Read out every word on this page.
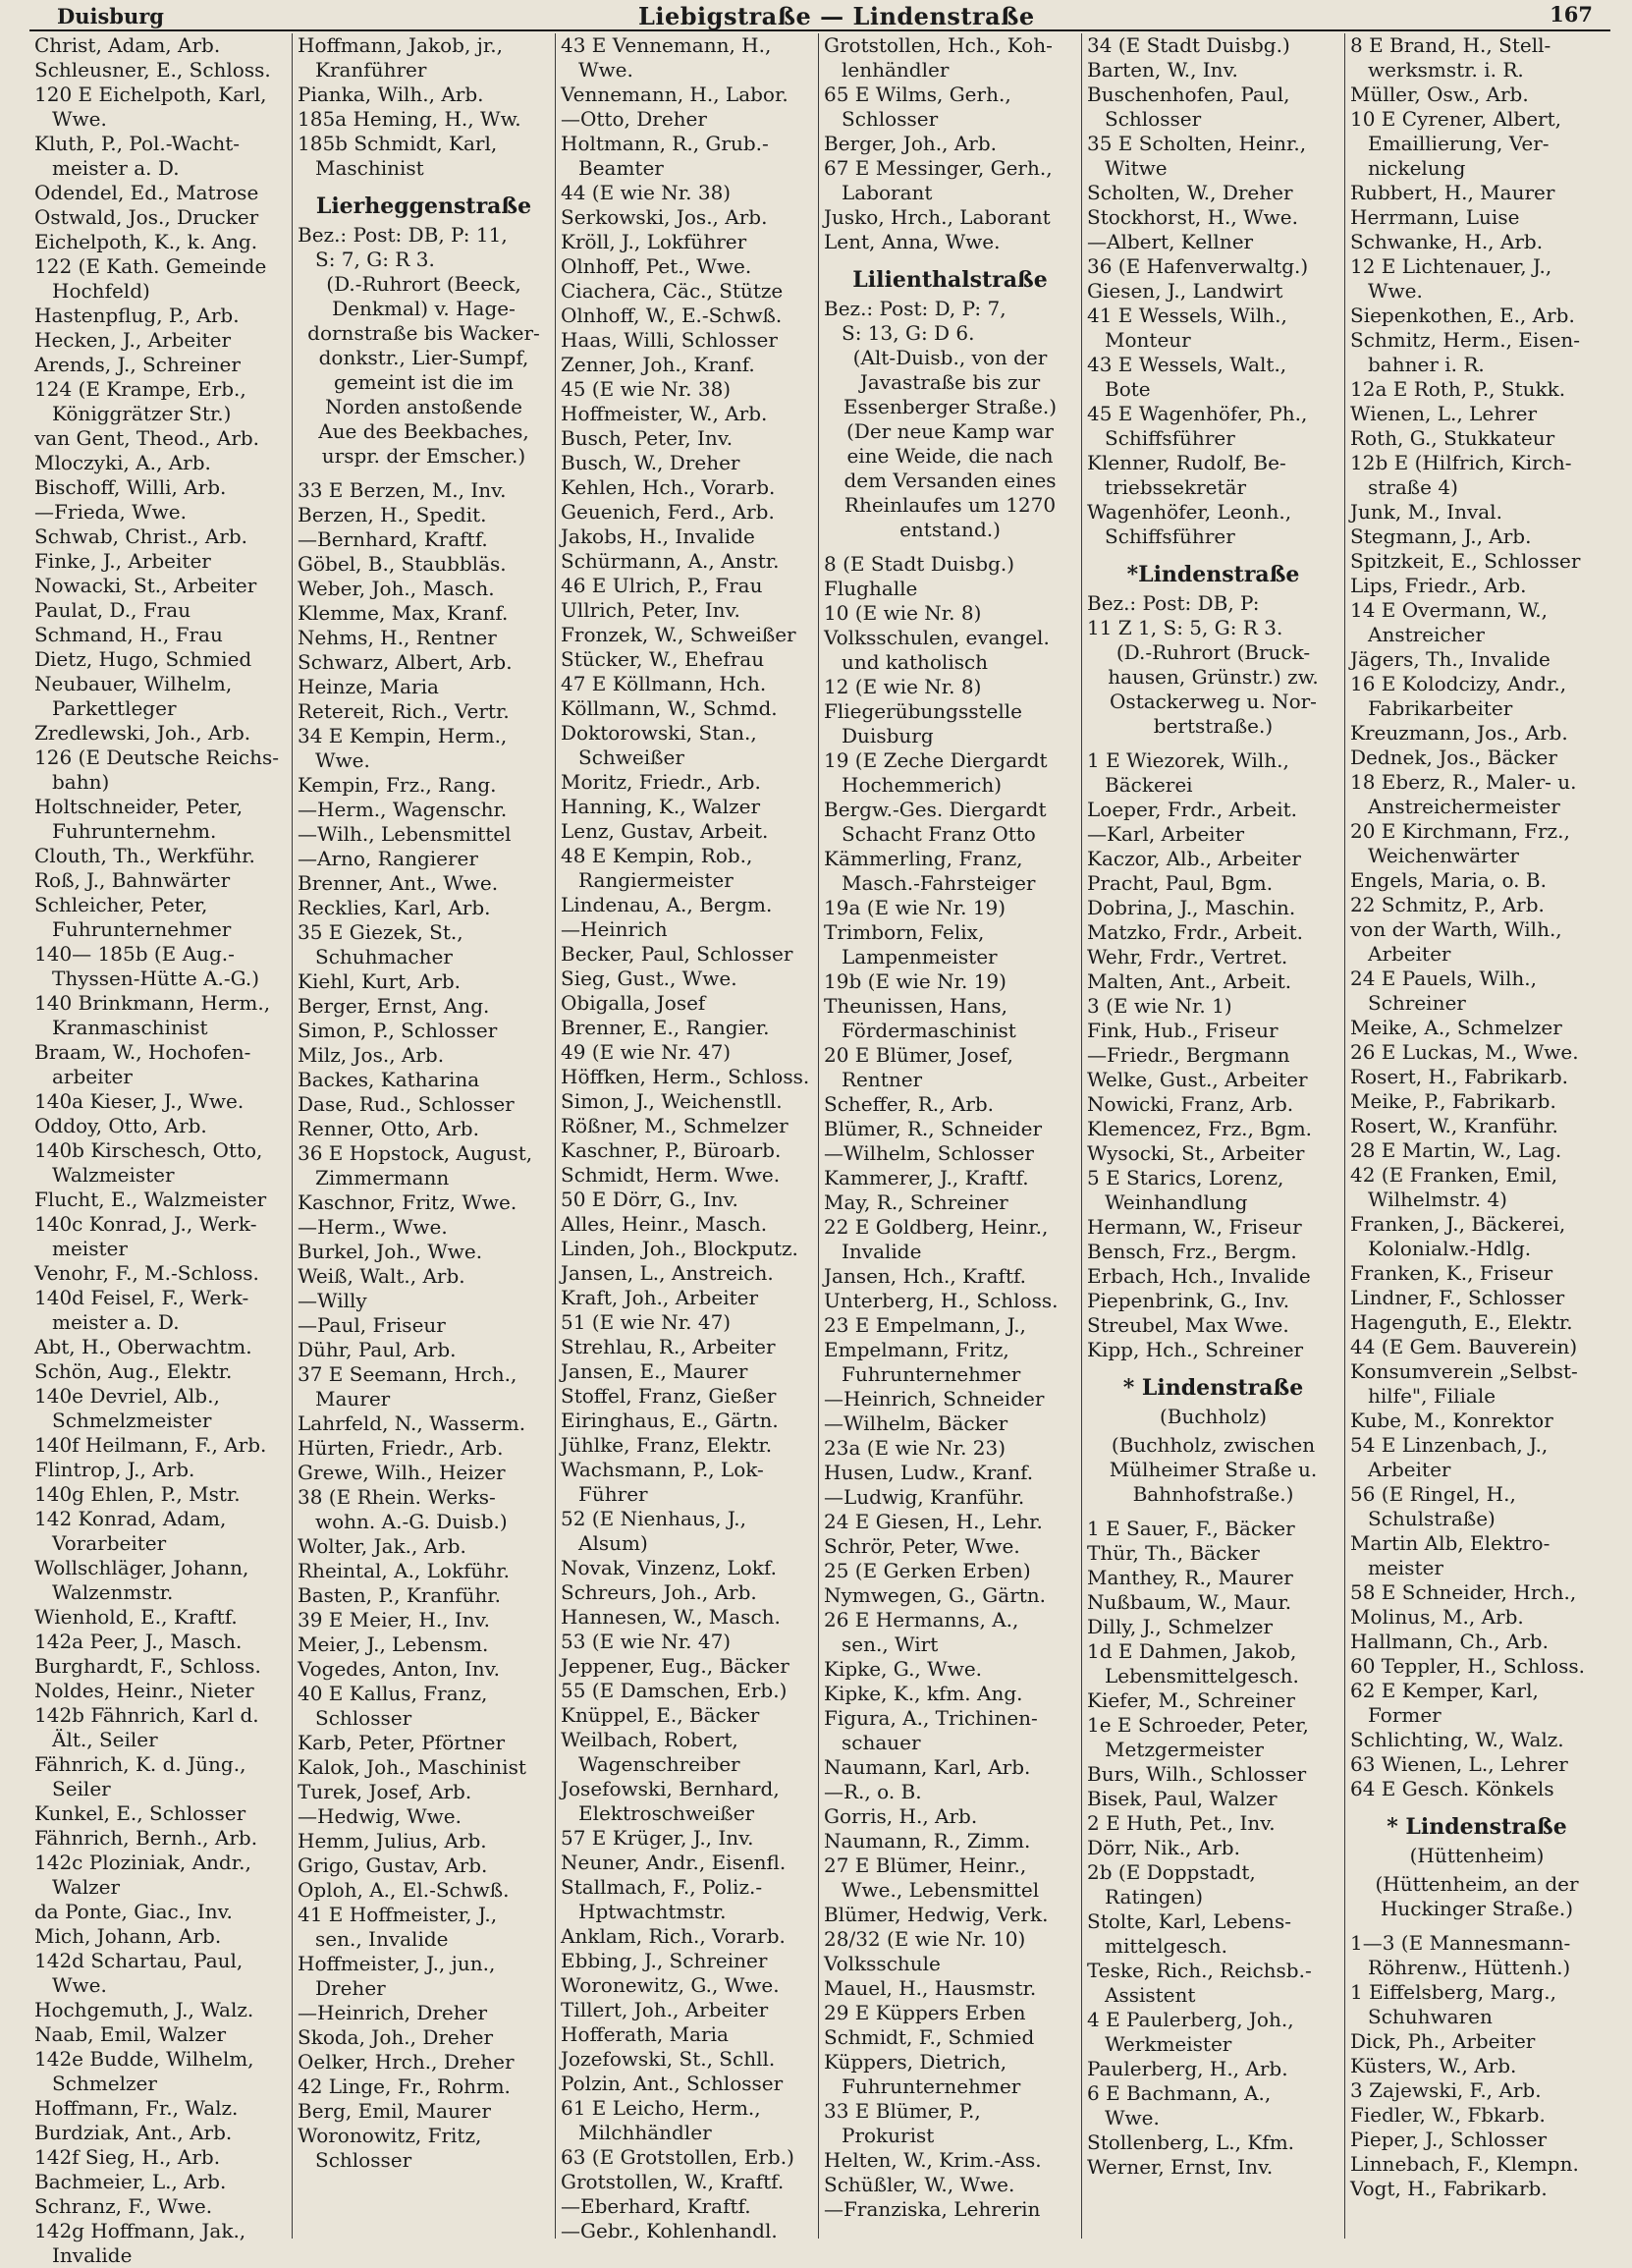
Duisburg	Liebigstraße — Lindenstraße	167
Christ, Adam, Arb.
Schleusner, E., Schloss.
120 E Eichelpoth, Karl,
Wwe.
Kluth, P., Pol.-Wacht-
meister a. D.
Odendel, Ed., Matrose
Ostwald, Jos., Drucker
Eichelpoth, K., k. Ang.
122 (E Kath. Gemeinde
Hochfeld)
Hastenpflug, P., Arb.
Hecken, J., Arbeiter
Arends, J., Schreiner
124 (E Krampe, Erb.,
Königgrätzer Str.)
van Gent, Theod., Arb.
Mloczyki, A., Arb.
Bischoff, Willi, Arb.
—Frieda, Wwe.
Schwab, Christ., Arb.
Finke, J., Arbeiter
Nowacki, St., Arbeiter
Paulat, D., Frau
Schmand, H., Frau
Dietz, Hugo, Schmied
Neubauer, Wilhelm,
Parkettleger
Zredlewski, Joh., Arb.
126 (E Deutsche Reichs-
bahn)
Holtschneider, Peter,
Fuhrunternehm.
Clouth, Th., Werkführ.
Roß, J., Bahnwärter
Schleicher, Peter,
Fuhrunternehmer
140— 185b (E Aug.-
Thyssen-Hütte A.-G.)
140 Brinkmann, Herm.,
Kranmaschinist
Braam, W., Hochofen-
arbeiter
140a Kieser, J., Wwe.
Oddoy, Otto, Arb.
140b Kirschesch, Otto,
Walzmeister
Flucht, E., Walzmeister
140c Konrad, J., Werk-
meister
Venohr, F., M.-Schloss.
140d Feisel, F., Werk-
meister a. D.
Abt, H., Oberwachtm.
Schön, Aug., Elektr.
140e Devriel, Alb.,
Schmelzmeister
140f Heilmann, F., Arb.
Flintrop, J., Arb.
140g Ehlen, P., Mstr.
142 Konrad, Adam,
Vorarbeiter
Wollschläger, Johann,
Walzenmstr.
Wienhold, E., Kraftf.
142a Peer, J., Masch.
Burghardt, F., Schloss.
Noldes, Heinr., Nieter
142b Fähnrich, Karl d.
Ält., Seiler
Fähnrich, K. d. Jüng.,
Seiler
Kunkel, E., Schlosser
Fähnrich, Bernh., Arb.
142c Ploziniak, Andr.,
Walzer
da Ponte, Giac., Inv.
Mich, Johann, Arb.
142d Schartau, Paul,
Wwe.
Hochgemuth, J., Walz.
Naab, Emil, Walzer
142e Budde, Wilhelm,
Schmelzer
Hoffmann, Fr., Walz.
Burdziak, Ant., Arb.
142f Sieg, H., Arb.
Bachmeier, L., Arb.
Schranz, F., Wwe.
142g Hoffmann, Jak.,
Invalide
Hoffmann, Jakob, jr.,
Kranführer
Pianka, Wilh., Arb.
185a Heming, H., Ww.
185b Schmidt, Karl,
Maschinist
Lierheggenstraße
Bez.: Post: DB, P: 11,
S: 7, G: R 3.
(D.-Ruhrort (Beeck,
Denkmal) v. Hage-
dornstraße bis Wacker-
donkstr., Lier-Sumpf,
gemeint ist die im
Norden anstoßende
Aue des Beekbaches,
urspr. der Emscher.)
33 E Berzen, M., Inv.
Berzen, H., Spedit.
—Bernhard, Kraftf.
Göbel, B., Staubbläs.
Weber, Joh., Masch.
Klemme, Max, Kranf.
Nehms, H., Rentner
Schwarz, Albert, Arb.
Heinze, Maria
Retereit, Rich., Vertr.
34 E Kempin, Herm.,
Wwe.
Kempin, Frz., Rang.
—Herm., Wagenschr.
—Wilh., Lebensmittel
—Arno, Rangierer
Brenner, Ant., Wwe.
Recklies, Karl, Arb.
35 E Giezek, St.,
Schuhmacher
Kiehl, Kurt, Arb.
Berger, Ernst, Ang.
Simon, P., Schlosser
Milz, Jos., Arb.
Backes, Katharina
Dase, Rud., Schlosser
Renner, Otto, Arb.
36 E Hopstock, August,
Zimmermann
Kaschnor, Fritz, Wwe.
—Herm., Wwe.
Burkel, Joh., Wwe.
Weiß, Walt., Arb.
—Willy
—Paul, Friseur
Dühr, Paul, Arb.
37 E Seemann, Hrch.,
Maurer
Lahrfeld, N., Wasserm.
Hürten, Friedr., Arb.
Grewe, Wilh., Heizer
38 (E Rhein. Werks-
wohn. A.-G. Duisb.)
Wolter, Jak., Arb.
Rheintal, A., Lokführ.
Basten, P., Kranführ.
39 E Meier, H., Inv.
Meier, J., Lebensm.
Vogedes, Anton, Inv.
40 E Kallus, Franz,
Schlosser
Karb, Peter, Pförtner
Kalok, Joh., Maschinist
Turek, Josef, Arb.
—Hedwig, Wwe.
Hemm, Julius, Arb.
Grigo, Gustav, Arb.
Oploh, A., El.-Schwß.
41 E Hoffmeister, J.,
sen., Invalide
Hoffmeister, J., jun.,
Dreher
—Heinrich, Dreher
Skoda, Joh., Dreher
Oelker, Hrch., Dreher
42 Linge, Fr., Rohrm.
Berg, Emil, Maurer
Woronowitz, Fritz,
Schlosser
43 E Vennemann, H.,
Wwe.
Vennemann, H., Labor.
—Otto, Dreher
Holtmann, R., Grub.-
Beamter
44 (E wie Nr. 38)
Serkowski, Jos., Arb.
Kröll, J., Lokführer
Olnhoff, Pet., Wwe.
Ciachera, Cäc., Stütze
Olnhoff, W., E.-Schwß.
Haas, Willi, Schlosser
Zenner, Joh., Kranf.
45 (E wie Nr. 38)
Hoffmeister, W., Arb.
Busch, Peter, Inv.
Busch, W., Dreher
Kehlen, Hch., Vorarb.
Geuenich, Ferd., Arb.
Jakobs, H., Invalide
Schürmann, A., Anstr.
46 E Ulrich, P., Frau
Ullrich, Peter, Inv.
Fronzek, W., Schweißer
Stücker, W., Ehefrau
47 E Köllmann, Hch.
Köllmann, W., Schmd.
Doktorowski, Stan.,
Schweißer
Moritz, Friedr., Arb.
Hanning, K., Walzer
Lenz, Gustav, Arbeit.
48 E Kempin, Rob.,
Rangiermeister
Lindenau, A., Bergm.
—Heinrich
Becker, Paul, Schlosser
Sieg, Gust., Wwe.
Obigalla, Josef
Brenner, E., Rangier.
49 (E wie Nr. 47)
Höffken, Herm., Schloss.
Simon, J., Weichenstll.
Rößner, M., Schmelzer
Kaschner, P., Büroarb.
Schmidt, Herm. Wwe.
50 E Dörr, G., Inv.
Alles, Heinr., Masch.
Linden, Joh., Blockputz.
Jansen, L., Anstreich.
Kraft, Joh., Arbeiter
51 (E wie Nr. 47)
Strehlau, R., Arbeiter
Jansen, E., Maurer
Stoffel, Franz, Gießer
Eiringhaus, E., Gärtn.
Jühlke, Franz, Elektr.
Wachsmann, P., Lok-
Führer
52 (E Nienhaus, J.,
Alsum)
Novak, Vinzenz, Lokf.
Schreurs, Joh., Arb.
Hannesen, W., Masch.
53 (E wie Nr. 47)
Jeppener, Eug., Bäcker
55 (E Damschen, Erb.)
Knüppel, E., Bäcker
Weilbach, Robert,
Wagenschreiber
Josefowski, Bernhard,
Elektroschweißer
57 E Krüger, J., Inv.
Neuner, Andr., Eisenfl.
Stallmach, F., Poliz.-
Hptwachtmstr.
Anklam, Rich., Vorarb.
Ebbing, J., Schreiner
Woronewitz, G., Wwe.
Tillert, Joh., Arbeiter
Hofferath, Maria
Jozefowski, St., Schll.
Polzin, Ant., Schlosser
61 E Leicho, Herm.,
Milchhändler
63 (E Grotstollen, Erb.)
Grotstollen, W., Kraftf.
—Eberhard, Kraftf.
—Gebr., Kohlenhandl.
Grotstollen, Hch., Koh-
lenhändler
65 E Wilms, Gerh.,
Schlosser
Berger, Joh., Arb.
67 E Messinger, Gerh.,
Laborant
Jusko, Hrch., Laborant
Lent, Anna, Wwe.
Lilienthalstraße
Bez.: Post: D, P: 7,
S: 13, G: D 6.
(Alt-Duisb., von der
Javastraße bis zur
Essenberger Straße.)
(Der neue Kamp war
eine Weide, die nach
dem Versanden eines
Rheinlaufes um 1270
entstand.)
8 (E Stadt Duisbg.)
Flughalle
10 (E wie Nr. 8)
Volksschulen, evangel.
und katholisch
12 (E wie Nr. 8)
Fliegerübungsstelle
Duisburg
19 (E Zeche Diergardt
Hochemmerich)
Bergw.-Ges. Diergardt
Schacht Franz Otto
Kämmerling, Franz,
Masch.-Fahrsteiger
19a (E wie Nr. 19)
Trimborn, Felix,
Lampenmeister
19b (E wie Nr. 19)
Theunissen, Hans,
Fördermaschinist
20 E Blümer, Josef,
Rentner
Scheffer, R., Arb.
Blümer, R., Schneider
—Wilhelm, Schlosser
Kammerer, J., Kraftf.
May, R., Schreiner
22 E Goldberg, Heinr.,
Invalide
Jansen, Hch., Kraftf.
Unterberg, H., Schloss.
23 E Empelmann, J.,
Empelmann, Fritz,
Fuhrunternehmer
—Heinrich, Schneider
—Wilhelm, Bäcker
23a (E wie Nr. 23)
Husen, Ludw., Kranf.
—Ludwig, Kranführ.
24 E Giesen, H., Lehr.
Schrör, Peter, Wwe.
25 (E Gerken Erben)
Nymwegen, G., Gärtn.
26 E Hermanns, A.,
sen., Wirt
Kipke, G., Wwe.
Kipke, K., kfm. Ang.
Figura, A., Trichinen-
schauer
Naumann, Karl, Arb.
—R., o. B.
Gorris, H., Arb.
Naumann, R., Zimm.
27 E Blümer, Heinr.,
Wwe., Lebensmittel
Blümer, Hedwig, Verk.
28/32 (E wie Nr. 10)
Volksschule
Mauel, H., Hausmstr.
29 E Küppers Erben
Schmidt, F., Schmied
Küppers, Dietrich,
Fuhrunternehmer
33 E Blümer, P.,
Prokurist
Helten, W., Krim.-Ass.
Schüßler, W., Wwe.
—Franziska, Lehrerin
34 (E Stadt Duisbg.)
Barten, W., Inv.
Buschenhofen, Paul,
Schlosser
35 E Scholten, Heinr.,
Witwe
Scholten, W., Dreher
Stockhorst, H., Wwe.
—Albert, Kellner
36 (E Hafenverwaltg.)
Giesen, J., Landwirt
41 E Wessels, Wilh.,
Monteur
43 E Wessels, Walt.,
Bote
45 E Wagenhöfer, Ph.,
Schiffsführer
Klenner, Rudolf, Be-
triebssekretär
Wagenhöfer, Leonh.,
Schiffsführer
*Lindenstraße
Bez.: Post: DB, P:
11 Z 1, S: 5, G: R 3.
(D.-Ruhrort (Bruck-
hausen, Grünstr.) zw.
Ostackerweg u. Nor-
bertstraße.)
1 E Wiezorek, Wilh.,
Bäckerei
Loeper, Frdr., Arbeit.
—Karl, Arbeiter
Kaczor, Alb., Arbeiter
Pracht, Paul, Bgm.
Dobrina, J., Maschin.
Matzko, Frdr., Arbeit.
Wehr, Frdr., Vertret.
Malten, Ant., Arbeit.
3 (E wie Nr. 1)
Fink, Hub., Friseur
—Friedr., Bergmann
Welke, Gust., Arbeiter
Nowicki, Franz, Arb.
Klemencez, Frz., Bgm.
Wysocki, St., Arbeiter
5 E Starics, Lorenz,
Weinhandlung
Hermann, W., Friseur
Bensch, Frz., Bergm.
Erbach, Hch., Invalide
Piepenbrink, G., Inv.
Streubel, Max Wwe.
Kipp, Hch., Schreiner
* Lindenstraße
(Buchholz)
(Buchholz, zwischen
Mülheimer Straße u.
Bahnhofstraße.)
1 E Sauer, F., Bäcker
Thür, Th., Bäcker
Manthey, R., Maurer
Nußbaum, W., Maur.
Dilly, J., Schmelzer
1d E Dahmen, Jakob,
Lebensmittelgesch.
Kiefer, M., Schreiner
1e E Schroeder, Peter,
Metzgermeister
Burs, Wilh., Schlosser
Bisek, Paul, Walzer
2 E Huth, Pet., Inv.
Dörr, Nik., Arb.
2b (E Doppstadt,
Ratingen)
Stolte, Karl, Lebens-
mittelgesch.
Teske, Rich., Reichsb.-
Assistent
4 E Paulerberg, Joh.,
Werkmeister
Paulerberg, H., Arb.
6 E Bachmann, A.,
Wwe.
Stollenberg, L., Kfm.
Werner, Ernst, Inv.
8 E Brand, H., Stell-
werksmstr. i. R.
Müller, Osw., Arb.
10 E Cyrener, Albert,
Emaillierung, Ver-
nickelung
Rubbert, H., Maurer
Herrmann, Luise
Schwanke, H., Arb.
12 E Lichtenauer, J.,
Wwe.
Siepenkothen, E., Arb.
Schmitz, Herm., Eisen-
bahner i. R.
12a E Roth, P., Stukk.
Wienen, L., Lehrer
Roth, G., Stukkateur
12b E (Hilfrich, Kirch-
straße 4)
Junk, M., Inval.
Stegmann, J., Arb.
Spitzkeit, E., Schlosser
Lips, Friedr., Arb.
14 E Overmann, W.,
Anstreicher
Jägers, Th., Invalide
16 E Kolodcizy, Andr.,
Fabrikarbeiter
Kreuzmann, Jos., Arb.
Dednek, Jos., Bäcker
18 Eberz, R., Maler- u.
Anstreichermeister
20 E Kirchmann, Frz.,
Weichenwärter
Engels, Maria, o. B.
22 Schmitz, P., Arb.
von der Warth, Wilh.,
Arbeiter
24 E Pauels, Wilh.,
Schreiner
Meike, A., Schmelzer
26 E Luckas, M., Wwe.
Rosert, H., Fabrikarb.
Meike, P., Fabrikarb.
Rosert, W., Kranführ.
28 E Martin, W., Lag.
42 (E Franken, Emil,
Wilhelmstr. 4)
Franken, J., Bäckerei,
Kolonialw.-Hdlg.
Franken, K., Friseur
Lindner, F., Schlosser
Hagenguth, E., Elektr.
44 (E Gem. Bauverein)
Konsumverein „Selbst-
hilfe", Filiale
Kube, M., Konrektor
54 E Linzenbach, J.,
Arbeiter
56 (E Ringel, H.,
Schulstraße)
Martin Alb, Elektro-
meister
58 E Schneider, Hrch.,
Molinus, M., Arb.
Hallmann, Ch., Arb.
60 Teppler, H., Schloss.
62 E Kemper, Karl,
Former
Schlichting, W., Walz.
63 Wienen, L., Lehrer
64 E Gesch. Könkels
* Lindenstraße
(Hüttenheim)
(Hüttenheim, an der
Huckinger Straße.)
1—3 (E Mannesmann-
Röhrenw., Hüttenh.)
1 Eiffelsberg, Marg.,
Schuhwaren
Dick, Ph., Arbeiter
Küsters, W., Arb.
3 Zajewski, F., Arb.
Fiedler, W., Fbkarb.
Pieper, J., Schlosser
Linnebach, F., Klempn.
Vogt, H., Fabrikarb.
